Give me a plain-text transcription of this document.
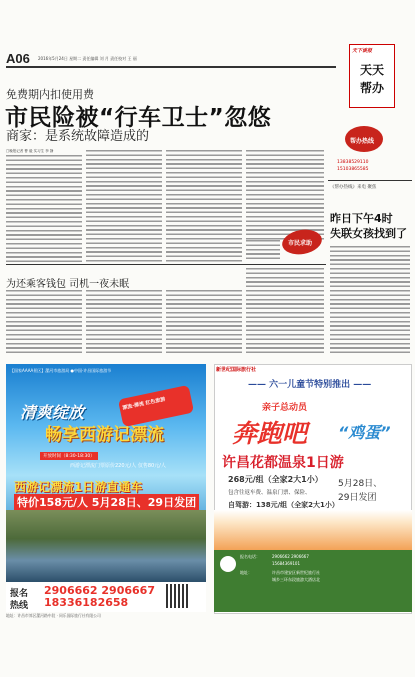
A06 2016年5月24日 星期二 责任编辑 刘 月 责任校对 王 丽
免费期内扣使用费
市民险被“行车卫士”忽悠
商家：是系统故障造成的
□晚报记者 曹 毅 实习生 李 静
市民求助
为还乘客钱包 司机一夜未眠
天下谈报
天天
帮办
帮办热线
13838529110
15103865585
《帮办热线》来电 聚焦
昨日下午4时
失联女孩找到了
【国家AAAA景区】漯河市旅游局 ●中国·许昌国际旅游节
清爽绽放
畅享西游记漂流
漂流·漂流 红色旅游
开放时间（8:30-18:30）
西游记漂流门票原价220元/人 仅售80元/人
西游记漂流1日游直通车
特价158元/人 5月28日、29日发团
报名 2906662 2906667
热线 18336182658
地址：许昌市郊区漯河路中段 · 同乐国际旅行社有限公司
新世纪国际旅行社
—— 六一儿童节特别推出 ——
亲子总动员
奔跑吧 “鸡蛋”
许昌花都温泉1日游
268元/组（全家2大1小）
包含往返车费、温泉门票、保险、
自驾游：138元/组（全家2大1小）
5月28日、
29日发团
报名电话：	2906662 2906667
15684369101
地址：	许昌市建安区新世纪旅行社
城乡三环东段旅游大酒店北
